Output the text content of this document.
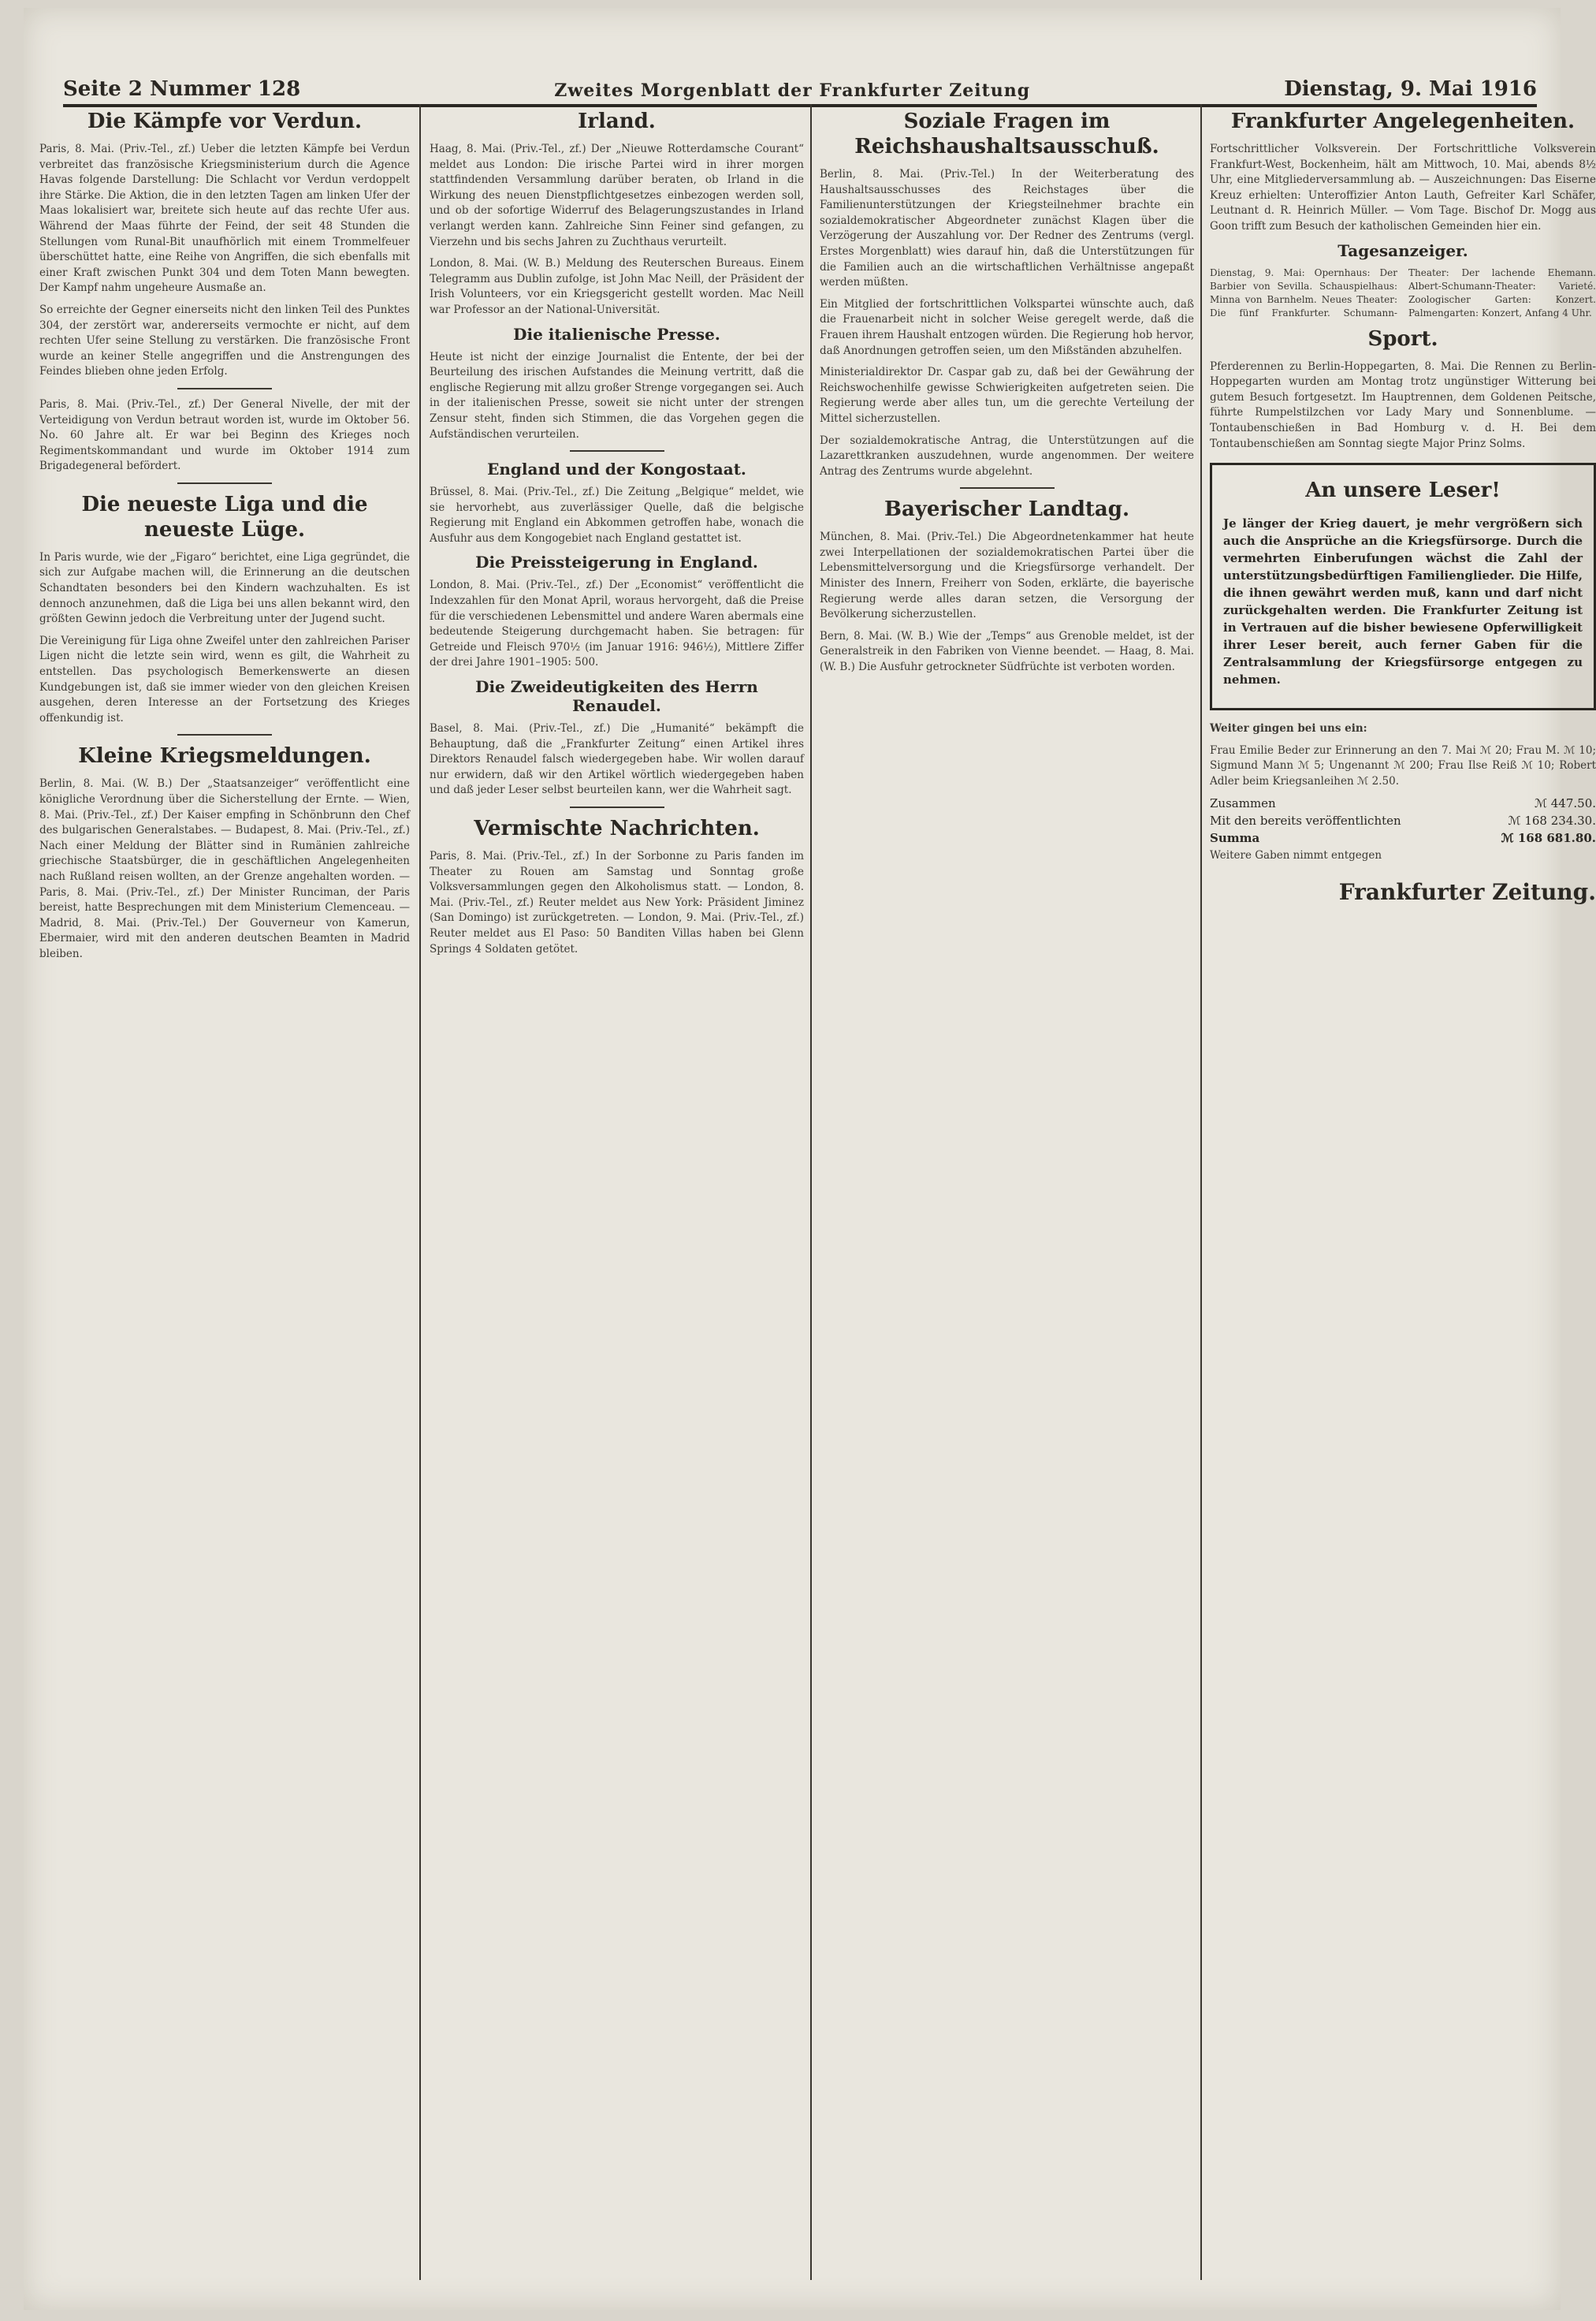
Seite 2 Nummer 128	Zweites Morgenblatt der Frankfurter Zeitung	Dienstag, 9. Mai 1916
Die Kämpfe vor Verdun.

Paris, 8. Mai. (Priv.-Tel., zf.) Ueber die letzten Kämpfe bei Verdun verbreitet das französische Kriegsministerium durch die Agence Havas folgende Darstellung: Die Schlacht vor Verdun verdoppelt ihre Stärke. Die Aktion, die in den letzten Tagen am linken Ufer der Maas lokalisiert war, breitete sich heute auf das rechte Ufer aus. Während der Maas führte der Feind, der seit 48 Stunden die Stellungen vom Runal-Bit unaufhörlich mit einem Trommelfeuer überschüttet hatte, eine Reihe von Angriffen, die sich ebenfalls mit einer Kraft zwischen Punkt 304 und dem Toten Mann bewegten. Der Kampf nahm ungeheure Ausmaße an.

So erreichte der Gegner einerseits nicht den linken Teil des Punktes 304, der zerstört war, andererseits vermochte er nicht, auf dem rechten Ufer seine Stellung zu verstärken. Die französische Front wurde an keiner Stelle angegriffen und die Anstrengungen des Feindes blieben ohne jeden Erfolg.

Paris, 8. Mai. (Priv.-Tel., zf.) Der General Nivelle, der mit der Verteidigung von Verdun betraut worden ist, wurde im Oktober 56. No. 60 Jahre alt. Er war bei Beginn des Krieges noch Regimentskommandant und wurde im Oktober 1914 zum Brigadegeneral befördert.

Die neueste Liga und die neueste Lüge.

In Paris wurde, wie der „Figaro“ berichtet, eine Liga gegründet, die sich zur Aufgabe machen will, die Erinnerung an die deutschen Schandtaten besonders bei den Kindern wachzuhalten. Es ist dennoch anzunehmen, daß die Liga bei uns allen bekannt wird, den größten Gewinn jedoch die Verbreitung unter der Jugend sucht.

Die Vereinigung für Liga ohne Zweifel unter den zahlreichen Pariser Ligen nicht die letzte sein wird, wenn es gilt, die Wahrheit zu entstellen. Das psychologisch Bemerkenswerte an diesen Kundgebungen ist, daß sie immer wieder von den gleichen Kreisen ausgehen, deren Interesse an der Fortsetzung des Krieges offenkundig ist.

Kleine Kriegsmeldungen.

Berlin, 8. Mai. (W. B.) Der „Staatsanzeiger“ veröffentlicht eine königliche Verordnung über die Sicherstellung der Ernte. — Wien, 8. Mai. (Priv.-Tel., zf.) Der Kaiser empfing in Schönbrunn den Chef des bulgarischen Generalstabes. — Budapest, 8. Mai. (Priv.-Tel., zf.) Nach einer Meldung der Blätter sind in Rumänien zahlreiche griechische Staatsbürger, die in geschäftlichen Angelegenheiten nach Rußland reisen wollten, an der Grenze angehalten worden. — Paris, 8. Mai. (Priv.-Tel., zf.) Der Minister Runciman, der Paris bereist, hatte Besprechungen mit dem Ministerium Clemenceau. — Madrid, 8. Mai. (Priv.-Tel.) Der Gouverneur von Kamerun, Ebermaier, wird mit den anderen deutschen Beamten in Madrid bleiben.

Irland.

Haag, 8. Mai. (Priv.-Tel., zf.) Der „Nieuwe Rotterdamsche Courant“ meldet aus London: Die irische Partei wird in ihrer morgen stattfindenden Versammlung darüber beraten, ob Irland in die Wirkung des neuen Dienstpflichtgesetzes einbezogen werden soll, und ob der sofortige Widerruf des Belagerungszustandes in Irland verlangt werden kann. Zahlreiche Sinn Feiner sind gefangen, zu Vierzehn und bis sechs Jahren zu Zuchthaus verurteilt.

London, 8. Mai. (W. B.) Meldung des Reuterschen Bureaus. Einem Telegramm aus Dublin zufolge, ist John Mac Neill, der Präsident der Irish Volunteers, vor ein Kriegsgericht gestellt worden. Mac Neill war Professor an der National-Universität.

Die italienische Presse.

Heute ist nicht der einzige Journalist die Entente, der bei der Beurteilung des irischen Aufstandes die Meinung vertritt, daß die englische Regierung mit allzu großer Strenge vorgegangen sei. Auch in der italienischen Presse, soweit sie nicht unter der strengen Zensur steht, finden sich Stimmen, die das Vorgehen gegen die Aufständischen verurteilen.

England und der Kongostaat.

Brüssel, 8. Mai. (Priv.-Tel., zf.) Die Zeitung „Belgique“ meldet, wie sie hervorhebt, aus zuverlässiger Quelle, daß die belgische Regierung mit England ein Abkommen getroffen habe, wonach die Ausfuhr aus dem Kongogebiet nach England gestattet ist.

Die Preissteigerung in England.

London, 8. Mai. (Priv.-Tel., zf.) Der „Economist“ veröffentlicht die Indexzahlen für den Monat April, woraus hervorgeht, daß die Preise für die verschiedenen Lebensmittel und andere Waren abermals eine bedeutende Steigerung durchgemacht haben. Sie betragen: für Getreide und Fleisch 970½ (im Januar 1916: 946½), Mittlere Ziffer der drei Jahre 1901–1905: 500.

Die Zweideutigkeiten des Herrn Renaudel.

Basel, 8. Mai. (Priv.-Tel., zf.) Die „Humanité“ bekämpft die Behauptung, daß die „Frankfurter Zeitung“ einen Artikel ihres Direktors Renaudel falsch wiedergegeben habe. Wir wollen darauf nur erwidern, daß wir den Artikel wörtlich wiedergegeben haben und daß jeder Leser selbst beurteilen kann, wer die Wahrheit sagt.

Vermischte Nachrichten.

Paris, 8. Mai. (Priv.-Tel., zf.) In der Sorbonne zu Paris fanden im Theater zu Rouen am Samstag und Sonntag große Volksversammlungen gegen den Alkoholismus statt. — London, 8. Mai. (Priv.-Tel., zf.) Reuter meldet aus New York: Präsident Jiminez (San Domingo) ist zurückgetreten. — London, 9. Mai. (Priv.-Tel., zf.) Reuter meldet aus El Paso: 50 Banditen Villas haben bei Glenn Springs 4 Soldaten getötet.

Soziale Fragen im Reichshaushaltsausschuß.

Berlin, 8. Mai. (Priv.-Tel.) In der Weiterberatung des Haushaltsausschusses des Reichstages über die Familienunterstützungen der Kriegsteilnehmer brachte ein sozialdemokratischer Abgeordneter zunächst Klagen über die Verzögerung der Auszahlung vor. Der Redner des Zentrums (vergl. Erstes Morgenblatt) wies darauf hin, daß die Unterstützungen für die Familien auch an die wirtschaftlichen Verhältnisse angepaßt werden müßten.

Ein Mitglied der fortschrittlichen Volkspartei wünschte auch, daß die Frauenarbeit nicht in solcher Weise geregelt werde, daß die Frauen ihrem Haushalt entzogen würden. Die Regierung hob hervor, daß Anordnungen getroffen seien, um den Mißständen abzuhelfen.

Ministerialdirektor Dr. Caspar gab zu, daß bei der Gewährung der Reichswochenhilfe gewisse Schwierigkeiten aufgetreten seien. Die Regierung werde aber alles tun, um die gerechte Verteilung der Mittel sicherzustellen.

Der sozialdemokratische Antrag, die Unterstützungen auf die Lazarettkranken auszudehnen, wurde angenommen. Der weitere Antrag des Zentrums wurde abgelehnt.

Bayerischer Landtag.

München, 8. Mai. (Priv.-Tel.) Die Abgeordnetenkammer hat heute zwei Interpellationen der sozialdemokratischen Partei über die Lebensmittelversorgung und die Kriegsfürsorge verhandelt. Der Minister des Innern, Freiherr von Soden, erklärte, die bayerische Regierung werde alles daran setzen, die Versorgung der Bevölkerung sicherzustellen.

Bern, 8. Mai. (W. B.) Wie der „Temps“ aus Grenoble meldet, ist der Generalstreik in den Fabriken von Vienne beendet. — Haag, 8. Mai. (W. B.) Die Ausfuhr getrockneter Südfrüchte ist verboten worden.

Frankfurter Angelegenheiten.

Fortschrittlicher Volksverein. Der Fortschrittliche Volksverein Frankfurt-West, Bockenheim, hält am Mittwoch, 10. Mai, abends 8½ Uhr, eine Mitgliederversammlung ab. — Auszeichnungen: Das Eiserne Kreuz erhielten: Unteroffizier Anton Lauth, Gefreiter Karl Schäfer, Leutnant d. R. Heinrich Müller. — Vom Tage. Bischof Dr. Mogg aus Goon trifft zum Besuch der katholischen Gemeinden hier ein.

Tagesanzeiger.

Dienstag, 9. Mai: Opernhaus: Der Barbier von Sevilla. Schauspielhaus: Minna von Barnhelm. Neues Theater: Die fünf Frankfurter. Schumann-Theater: Der lachende Ehemann. Albert-Schumann-Theater: Varieté. Zoologischer Garten: Konzert. Palmengarten: Konzert, Anfang 4 Uhr.

Sport.

Pferderennen zu Berlin-Hoppegarten, 8. Mai. Die Rennen zu Berlin-Hoppegarten wurden am Montag trotz ungünstiger Witterung bei gutem Besuch fortgesetzt. Im Hauptrennen, dem Goldenen Peitsche, führte Rumpelstilzchen vor Lady Mary und Sonnenblume. — Tontaubenschießen in Bad Homburg v. d. H. Bei dem Tontaubenschießen am Sonntag siegte Major Prinz Solms.

An unsere Leser!

Je länger der Krieg dauert, je mehr vergrößern sich auch die Ansprüche an die Kriegsfürsorge. Durch die vermehrten Einberufungen wächst die Zahl der unterstützungsbedürftigen Familienglieder. Die Hilfe, die ihnen gewährt werden muß, kann und darf nicht zurückgehalten werden. Die Frankfurter Zeitung ist in Vertrauen auf die bisher bewiesene Opferwilligkeit ihrer Leser bereit, auch ferner Gaben für die Zentralsammlung der Kriegsfürsorge entgegen zu nehmen.

Weiter gingen bei uns ein:

Frau Emilie Beder zur Erinnerung an den 7. Mai ℳ 20; Frau M. ℳ 10; Sigmund Mann ℳ 5; Ungenannt ℳ 200; Frau Ilse Reiß ℳ 10; Robert Adler beim Kriegsanleihen ℳ 2.50.

Zusammen	ℳ 447.50.
Mit den bereits veröffentlichten	ℳ 168 234.30.
Summa	ℳ 168 681.80.

Weitere Gaben nimmt entgegen

Frankfurter Zeitung.
